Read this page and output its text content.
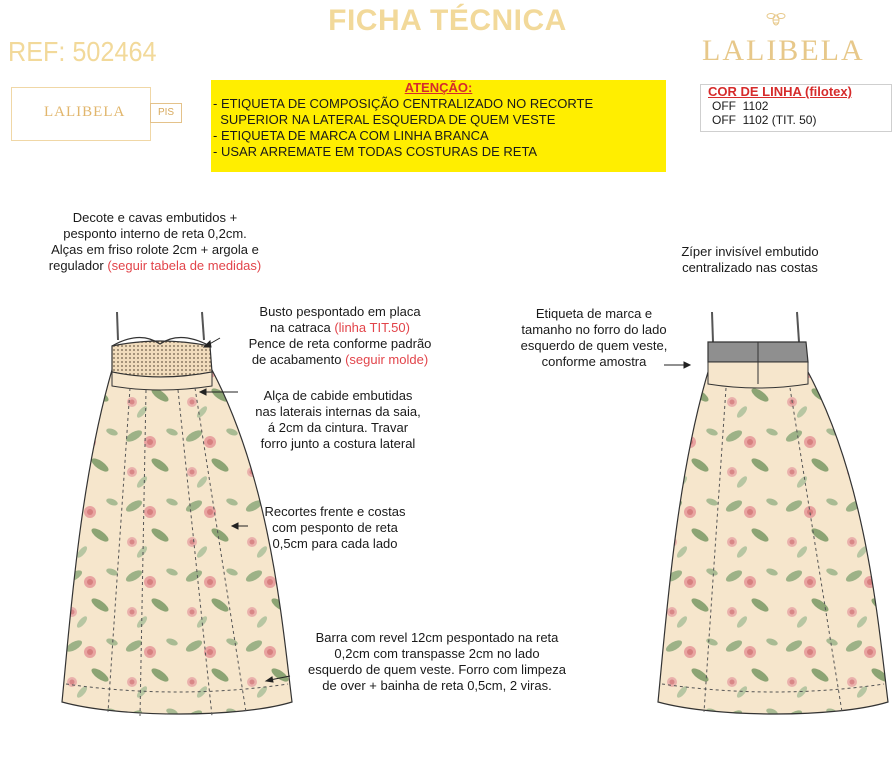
FICHA TÉCNICA
REF: 502464	LALIBELA
LALIBELA	PIS
ATENÇÃO:
- ETIQUETA DE COMPOSIÇÃO CENTRALIZADO NO RECORTE
SUPERIOR NA LATERAL ESQUERDA DE QUEM VESTE
- ETIQUETA DE MARCA COM LINHA BRANCA
- USAR ARREMATE EM TODAS COSTURAS DE RETA
COR DE LINHA (filotex)
OFF  1102
OFF  1102 (TIT. 50)
Decote e cavas embutidos +
pesponto interno de reta 0,2cm.
Alças em friso rolote 2cm + argola e
regulador (seguir tabela de medidas)
Busto pespontado em placa
na catraca (linha TIT.50)
Pence de reta conforme padrão
de acabamento (seguir molde)
Alça de cabide embutidas
nas laterais internas da saia,
á 2cm da cintura. Travar
forro junto a costura lateral
Recortes frente e costas
com pesponto de reta
0,5cm para cada lado
Barra com revel 12cm pespontado na reta
0,2cm com transpasse 2cm no lado
esquerdo de quem veste. Forro com limpeza
de over + bainha de reta 0,5cm, 2 viras.
Zíper invisível embutido
centralizado nas costas
Etiqueta de marca e
tamanho no forro do lado
esquerdo de quem veste,
conforme amostra
